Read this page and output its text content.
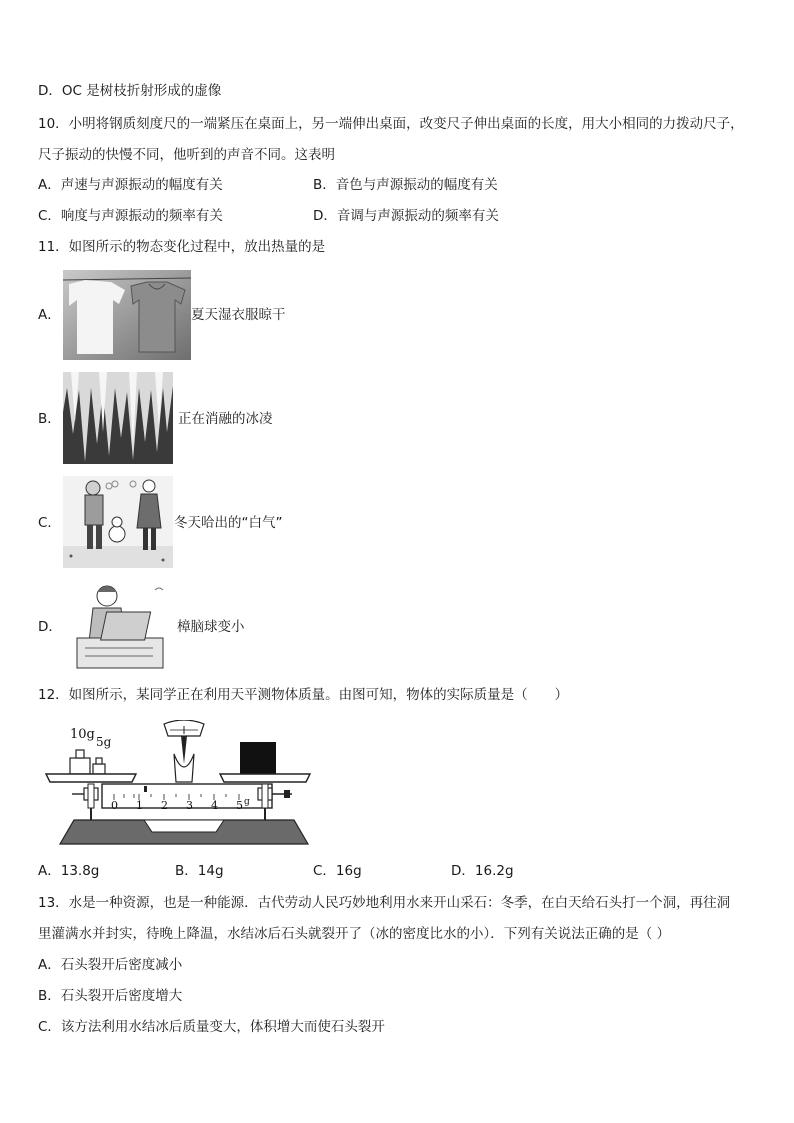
D．OC 是树枝折射形成的虚像
10．小明将钢质刻度尺的一端紧压在桌面上，另一端伸出桌面，改变尺子伸出桌面的长度，用大小相同的力拨动尺子，
尺子振动的快慢不同，他听到的声音不同。这表明
A．声速与声源振动的幅度有关	B．音色与声源振动的幅度有关
C．响度与声源振动的频率有关	D．音调与声源振动的频率有关
11．如图所示的物态变化过程中，放出热量的是
A．	夏天湿衣服晾干
B．	正在消融的冰凌
C．	冬天哈出的“白气”
D．	樟脑球变小
12．如图所示，某同学正在利用天平测物体质量。由图可知，物体的实际质量是（　　）
10g 5g
0 1 2 3 4 5 g
A．13.8g	B．14g	C．16g	D．16.2g
13．水是一种资源，也是一种能源．古代劳动人民巧妙地利用水来开山采石：冬季，在白天给石头打一个洞，再往洞
里灌满水并封实，待晚上降温，水结冰后石头就裂开了（冰的密度比水的小）．下列有关说法正确的是（ ）
A．石头裂开后密度减小
B．石头裂开后密度增大
C．该方法利用水结冰后质量变大，体积增大而使石头裂开
